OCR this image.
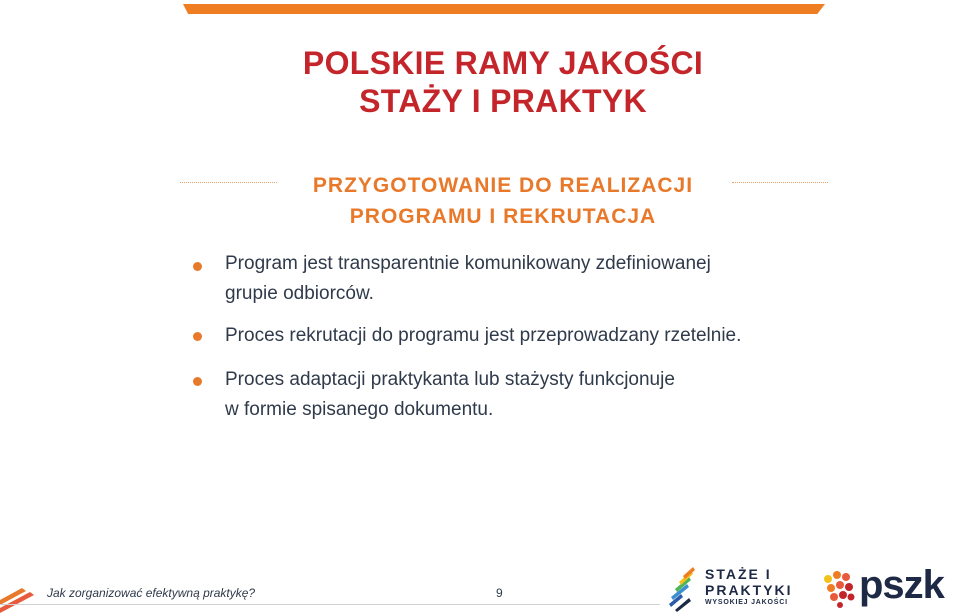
POLSKIE RAMY JAKOŚCI
STAŻY I PRAKTYK
PRZYGOTOWANIE DO REALIZACJI
PROGRAMU I REKRUTACJA
Program jest transparentnie komunikowany zdefiniowanej
grupie odbiorców.
Proces rekrutacji do programu jest przeprowadzany rzetelnie.
Proces adaptacji praktykanta lub stażysty funkcjonuje
w formie spisanego dokumentu.
Jak zorganizować efektywną praktykę?	9
STAŻE I
PRAKTYKI
WYSOKIEJ JAKOŚCI pszk
